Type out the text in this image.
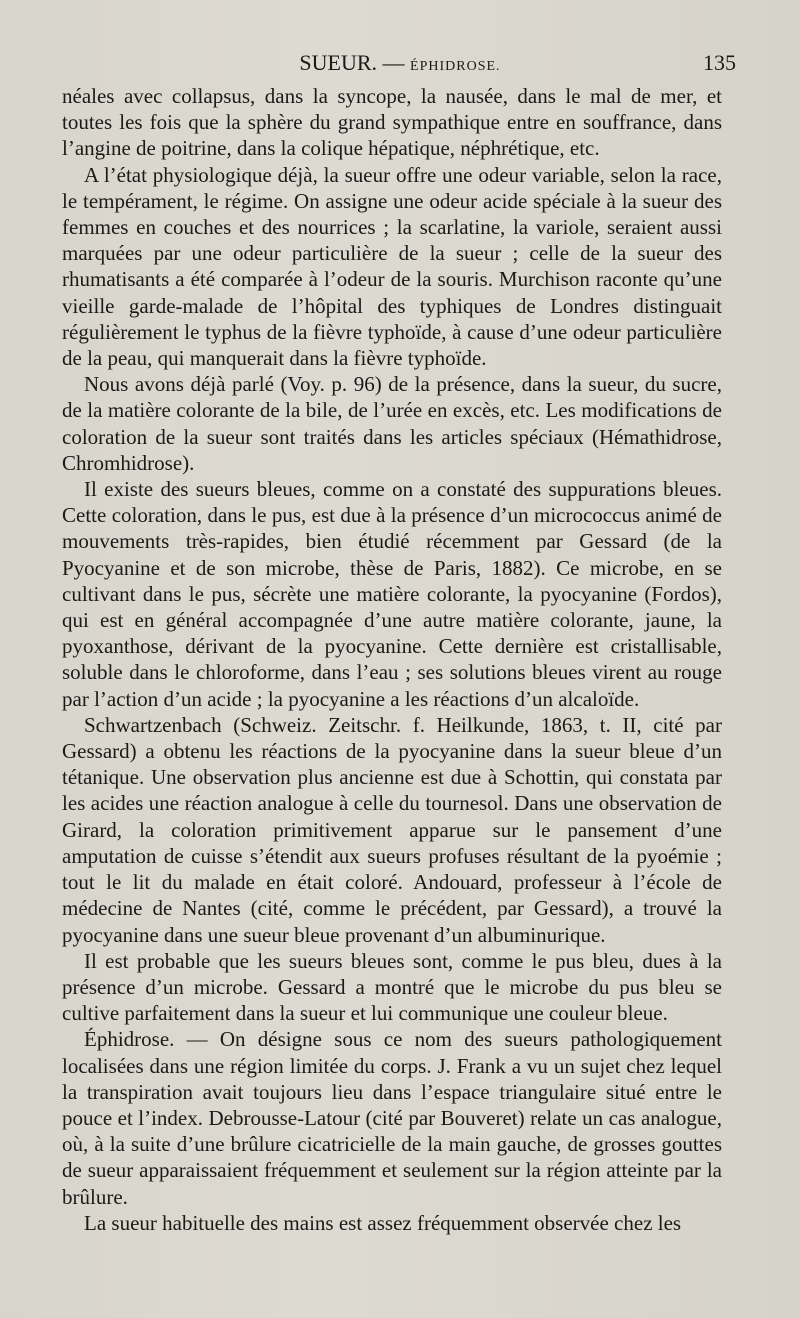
SUEUR. — ÉPHIDROSE.	135

néales avec collapsus, dans la syncope, la nausée, dans le mal de mer, et toutes les fois que la sphère du grand sympathique entre en souffrance, dans l’angine de poitrine, dans la colique hépatique, néphrétique, etc.

A l’état physiologique déjà, la sueur offre une odeur variable, selon la race, le tempérament, le régime. On assigne une odeur acide spéciale à la sueur des femmes en couches et des nourrices ; la scarlatine, la variole, seraient aussi marquées par une odeur particulière de la sueur ; celle de la sueur des rhumatisants a été comparée à l’odeur de la souris. Murchison raconte qu’une vieille garde-malade de l’hôpital des typhiques de Londres distinguait régulièrement le typhus de la fièvre typhoïde, à cause d’une odeur particulière de la peau, qui manquerait dans la fièvre typhoïde.

Nous avons déjà parlé (Voy. p. 96) de la présence, dans la sueur, du sucre, de la matière colorante de la bile, de l’urée en excès, etc. Les modifications de coloration de la sueur sont traités dans les articles spéciaux (Hémathidrose, Chromhidrose).

Il existe des sueurs bleues, comme on a constaté des suppurations bleues. Cette coloration, dans le pus, est due à la présence d’un micrococcus animé de mouvements très-rapides, bien étudié récemment par Gessard (de la Pyocyanine et de son microbe, thèse de Paris, 1882). Ce microbe, en se cultivant dans le pus, sécrète une matière colorante, la pyocyanine (Fordos), qui est en général accompagnée d’une autre matière colorante, jaune, la pyoxanthose, dérivant de la pyocyanine. Cette dernière est cristallisable, soluble dans le chloroforme, dans l’eau ; ses solutions bleues virent au rouge par l’action d’un acide ; la pyocyanine a les réactions d’un alcaloïde.

Schwartzenbach (Schweiz. Zeitschr. f. Heilkunde, 1863, t. II, cité par Gessard) a obtenu les réactions de la pyocyanine dans la sueur bleue d’un tétanique. Une observation plus ancienne est due à Schottin, qui constata par les acides une réaction analogue à celle du tournesol. Dans une observation de Girard, la coloration primitivement apparue sur le pansement d’une amputation de cuisse s’étendit aux sueurs profuses résultant de la pyoémie ; tout le lit du malade en était coloré. Andouard, professeur à l’école de médecine de Nantes (cité, comme le précédent, par Gessard), a trouvé la pyocyanine dans une sueur bleue provenant d’un albuminurique.

Il est probable que les sueurs bleues sont, comme le pus bleu, dues à la présence d’un microbe. Gessard a montré que le microbe du pus bleu se cultive parfaitement dans la sueur et lui communique une couleur bleue.

Éphidrose. — On désigne sous ce nom des sueurs pathologiquement localisées dans une région limitée du corps. J. Frank a vu un sujet chez lequel la transpiration avait toujours lieu dans l’espace triangulaire situé entre le pouce et l’index. Debrousse-Latour (cité par Bouveret) relate un cas analogue, où, à la suite d’une brûlure cicatricielle de la main gauche, de grosses gouttes de sueur apparaissaient fréquemment et seulement sur la région atteinte par la brûlure.

La sueur habituelle des mains est assez fréquemment observée chez les
